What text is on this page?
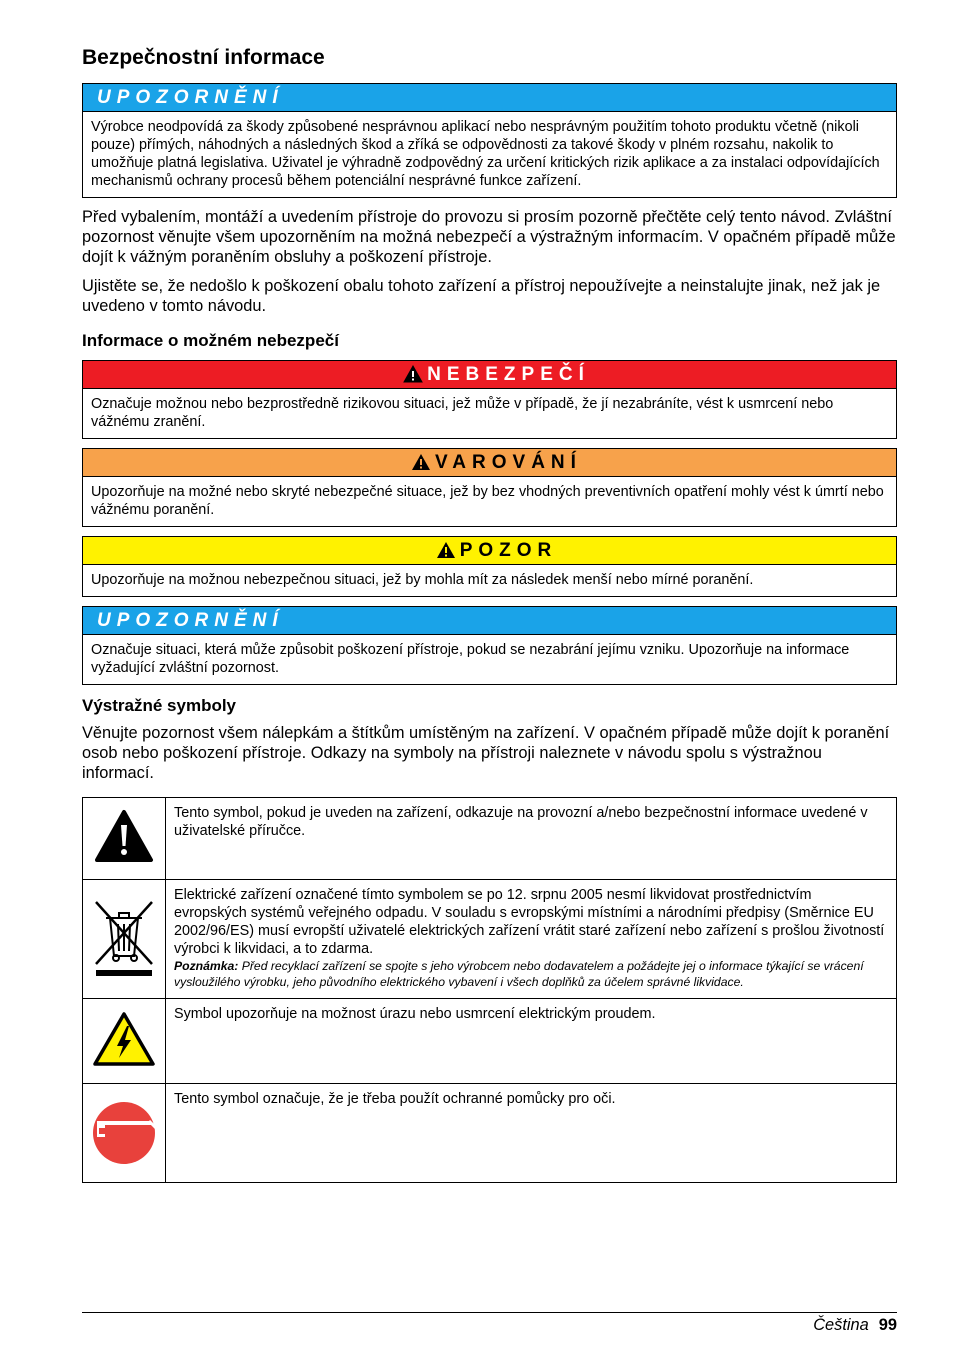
Bezpečnostní informace
UPOZORNĚNÍ
Výrobce neodpovídá za škody způsobené nesprávnou aplikací nebo nesprávným použitím tohoto produktu včetně (nikoli pouze) přímých, náhodných a následných škod a zříká se odpovědnosti za takové škody v plném rozsahu, nakolik to umožňuje platná legislativa. Uživatel je výhradně zodpovědný za určení kritických rizik aplikace a za instalaci odpovídajících mechanismů ochrany procesů během potenciální nesprávné funkce zařízení.

Před vybalením, montáží a uvedením přístroje do provozu si prosím pozorně přečtěte celý tento návod. Zvláštní pozornost věnujte všem upozorněním na možná nebezpečí a výstražným informacím. V opačném případě může dojít k vážným poraněním obsluhy a poškození přístroje.

Ujistěte se, že nedošlo k poškození obalu tohoto zařízení a přístroj nepoužívejte a neinstalujte jinak, než jak je uvedeno v tomto návodu.

Informace o možném nebezpečí
NEBEZPEČÍ
Označuje možnou nebo bezprostředně rizikovou situaci, jež může v případě, že jí nezabráníte, vést k usmrcení nebo vážnému zranění.
VAROVÁNÍ
Upozorňuje na možné nebo skryté nebezpečné situace, jež by bez vhodných preventivních opatření mohly vést k úmrtí nebo vážnému poranění.
POZOR
Upozorňuje na možnou nebezpečnou situaci, jež by mohla mít za následek menší nebo mírné poranění.
UPOZORNĚNÍ
Označuje situaci, která může způsobit poškození přístroje, pokud se nezabrání jejímu vzniku. Upozorňuje na informace vyžadující zvláštní pozornost.
Výstražné symboly

Věnujte pozornost všem nálepkám a štítkům umístěným na zařízení. V opačném případě může dojít k poranění osob nebo poškození přístroje. Odkazy na symboly na přístroji naleznete v návodu spolu s výstražnou informací.

	Tento symbol, pokud je uveden na zařízení, odkazuje na provozní a/nebo bezpečnostní informace uvedené v uživatelské příručce.

Elektrické zařízení označené tímto symbolem se po 12. srpnu 2005 nesmí likvidovat prostřednictvím evropských systémů veřejného odpadu. V souladu s evropskými místními a národními předpisy (Směrnice EU 2002/96/ES) musí evropští uživatelé elektrických zařízení vrátit staré zařízení nebo zařízení s prošlou životností výrobci k likvidaci, a to zdarma.
Poznámka: Před recyklací zařízení se spojte s jeho výrobcem nebo dodavatelem a požádejte jej o informace týkající se vrácení vysloužilého výrobku, jeho původního elektrického vybavení i všech doplňků za účelem správné likvidace.

	Symbol upozorňuje na možnost úrazu nebo usmrcení elektrickým proudem.
	Tento symbol označuje, že je třeba použít ochranné pomůcky pro oči.
Čeština 99
